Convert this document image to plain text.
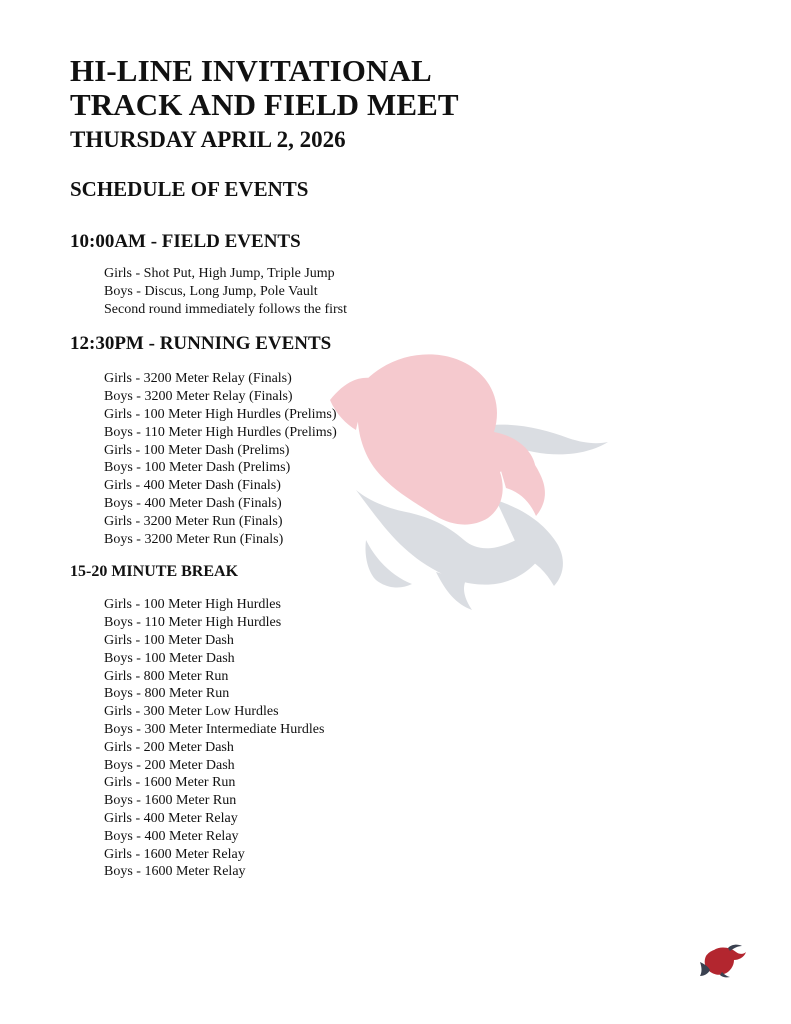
HI-LINE INVITATIONAL
TRACK AND FIELD MEET
THURSDAY APRIL 2, 2026
SCHEDULE OF EVENTS
10:00AM - FIELD EVENTS
Girls - Shot Put, High Jump, Triple Jump
Boys - Discus, Long Jump, Pole Vault
Second round immediately follows the first
12:30PM - RUNNING EVENTS
Girls - 3200 Meter Relay (Finals)
Boys - 3200 Meter Relay (Finals)
Girls - 100 Meter High Hurdles (Prelims)
Boys - 110 Meter High Hurdles (Prelims)
Girls - 100 Meter Dash (Prelims)
Boys - 100 Meter Dash (Prelims)
Girls - 400 Meter Dash (Finals)
Boys - 400 Meter Dash (Finals)
Girls - 3200 Meter Run (Finals)
Boys - 3200 Meter Run (Finals)
15-20 MINUTE BREAK
Girls - 100 Meter High Hurdles
Boys - 110 Meter High Hurdles
Girls - 100 Meter Dash
Boys - 100 Meter Dash
Girls - 800 Meter Run
Boys - 800 Meter Run
Girls - 300 Meter Low Hurdles
Boys - 300 Meter Intermediate Hurdles
Girls - 200 Meter Dash
Boys - 200 Meter Dash
Girls - 1600 Meter Run
Boys - 1600 Meter Run
Girls - 400 Meter Relay
Boys - 400 Meter Relay
Girls - 1600 Meter Relay
Boys - 1600 Meter Relay
